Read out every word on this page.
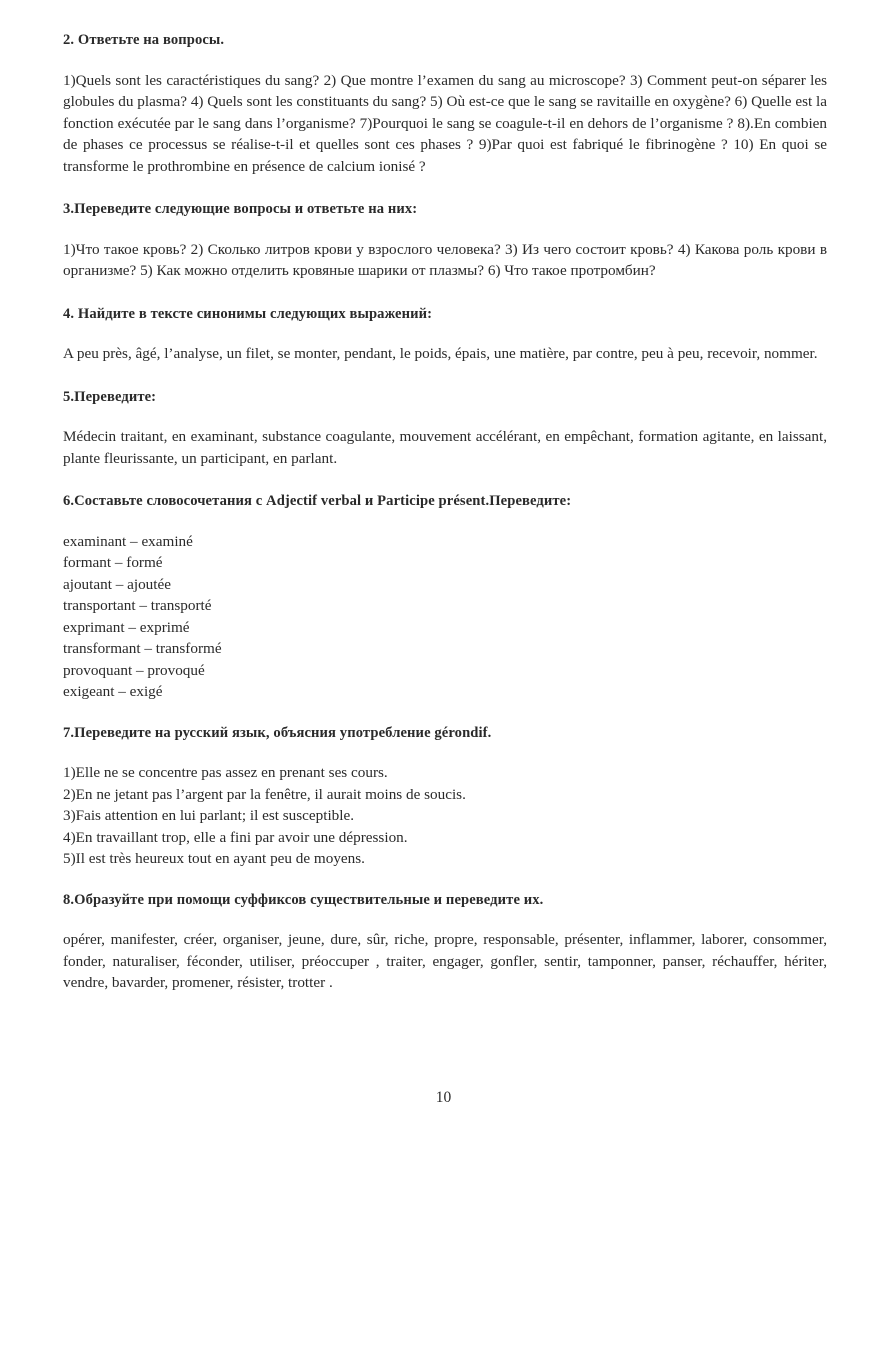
2. Ответьте на вопросы.

1)Quels sont les caractéristiques du sang? 2) Que montre l’examen du sang au microscope? 3) Comment peut-on séparer les globules du plasma? 4) Quels sont les constituants du sang? 5) Où est-ce que le sang se ravitaille en oxygène? 6) Quelle est la fonction exécutée par le sang dans l’organisme? 7)Pourquoi le sang se coagule-t-il en dehors de l’organisme ? 8).En combien de phases ce processus se réalise-t-il et quelles sont ces phases ? 9)Par quoi est fabriqué le fibrinogène ? 10) En quoi se transforme le prothrombine en présence de calcium ionisé ?

3.Переведите следующие вопросы и ответьте на них:

1)Что такое кровь? 2) Сколько литров крови у взрослого человека? 3) Из чего состоит кровь? 4) Какова роль крови в организме? 5) Как можно отделить кровяные шарики от плазмы? 6) Что такое протромбин?

4. Найдите в тексте синонимы следующих выражений:

A peu près, âgé, l’analyse, un filet, se monter, pendant, le poids, épais, une matière, par contre, peu à peu, recevoir, nommer.

5.Переведите:

Médecin traitant, en examinant, substance coagulante, mouvement accélérant, en empêchant, formation agitante, en laissant, plante fleurissante, un participant, en parlant.

6.Составьте словосочетания с Adjectif verbal и Participe présent.Переведите:

examinant – examiné
formant – formé
ajoutant – ajoutée
transportant – transporté
exprimant – exprimé
transformant – transformé
provoquant – provoqué
exigeant – exigé

7.Переведите на русский язык, объясния употребление gérondif.

1)Elle ne se concentre pas assez en prenant ses cours.
2)En ne jetant pas l’argent par la fenêtre, il aurait moins de soucis.
3)Fais attention en lui parlant; il est susceptible.
4)En travaillant trop, elle a fini par avoir une dépression.
5)Il est très heureux tout en ayant peu de moyens.

8.Образуйте при помощи суффиксов существительные и переведите их.

opérer, manifester, créer, organiser, jeune, dure, sûr, riche, propre, responsable, présenter, inflammer, laborer, consommer, fonder, naturaliser, féconder, utiliser, préoccuper , traiter, engager, gonfler, sentir, tamponner, panser, réchauffer, hériter, vendre, bavarder, promener, résister, trotter .

10
